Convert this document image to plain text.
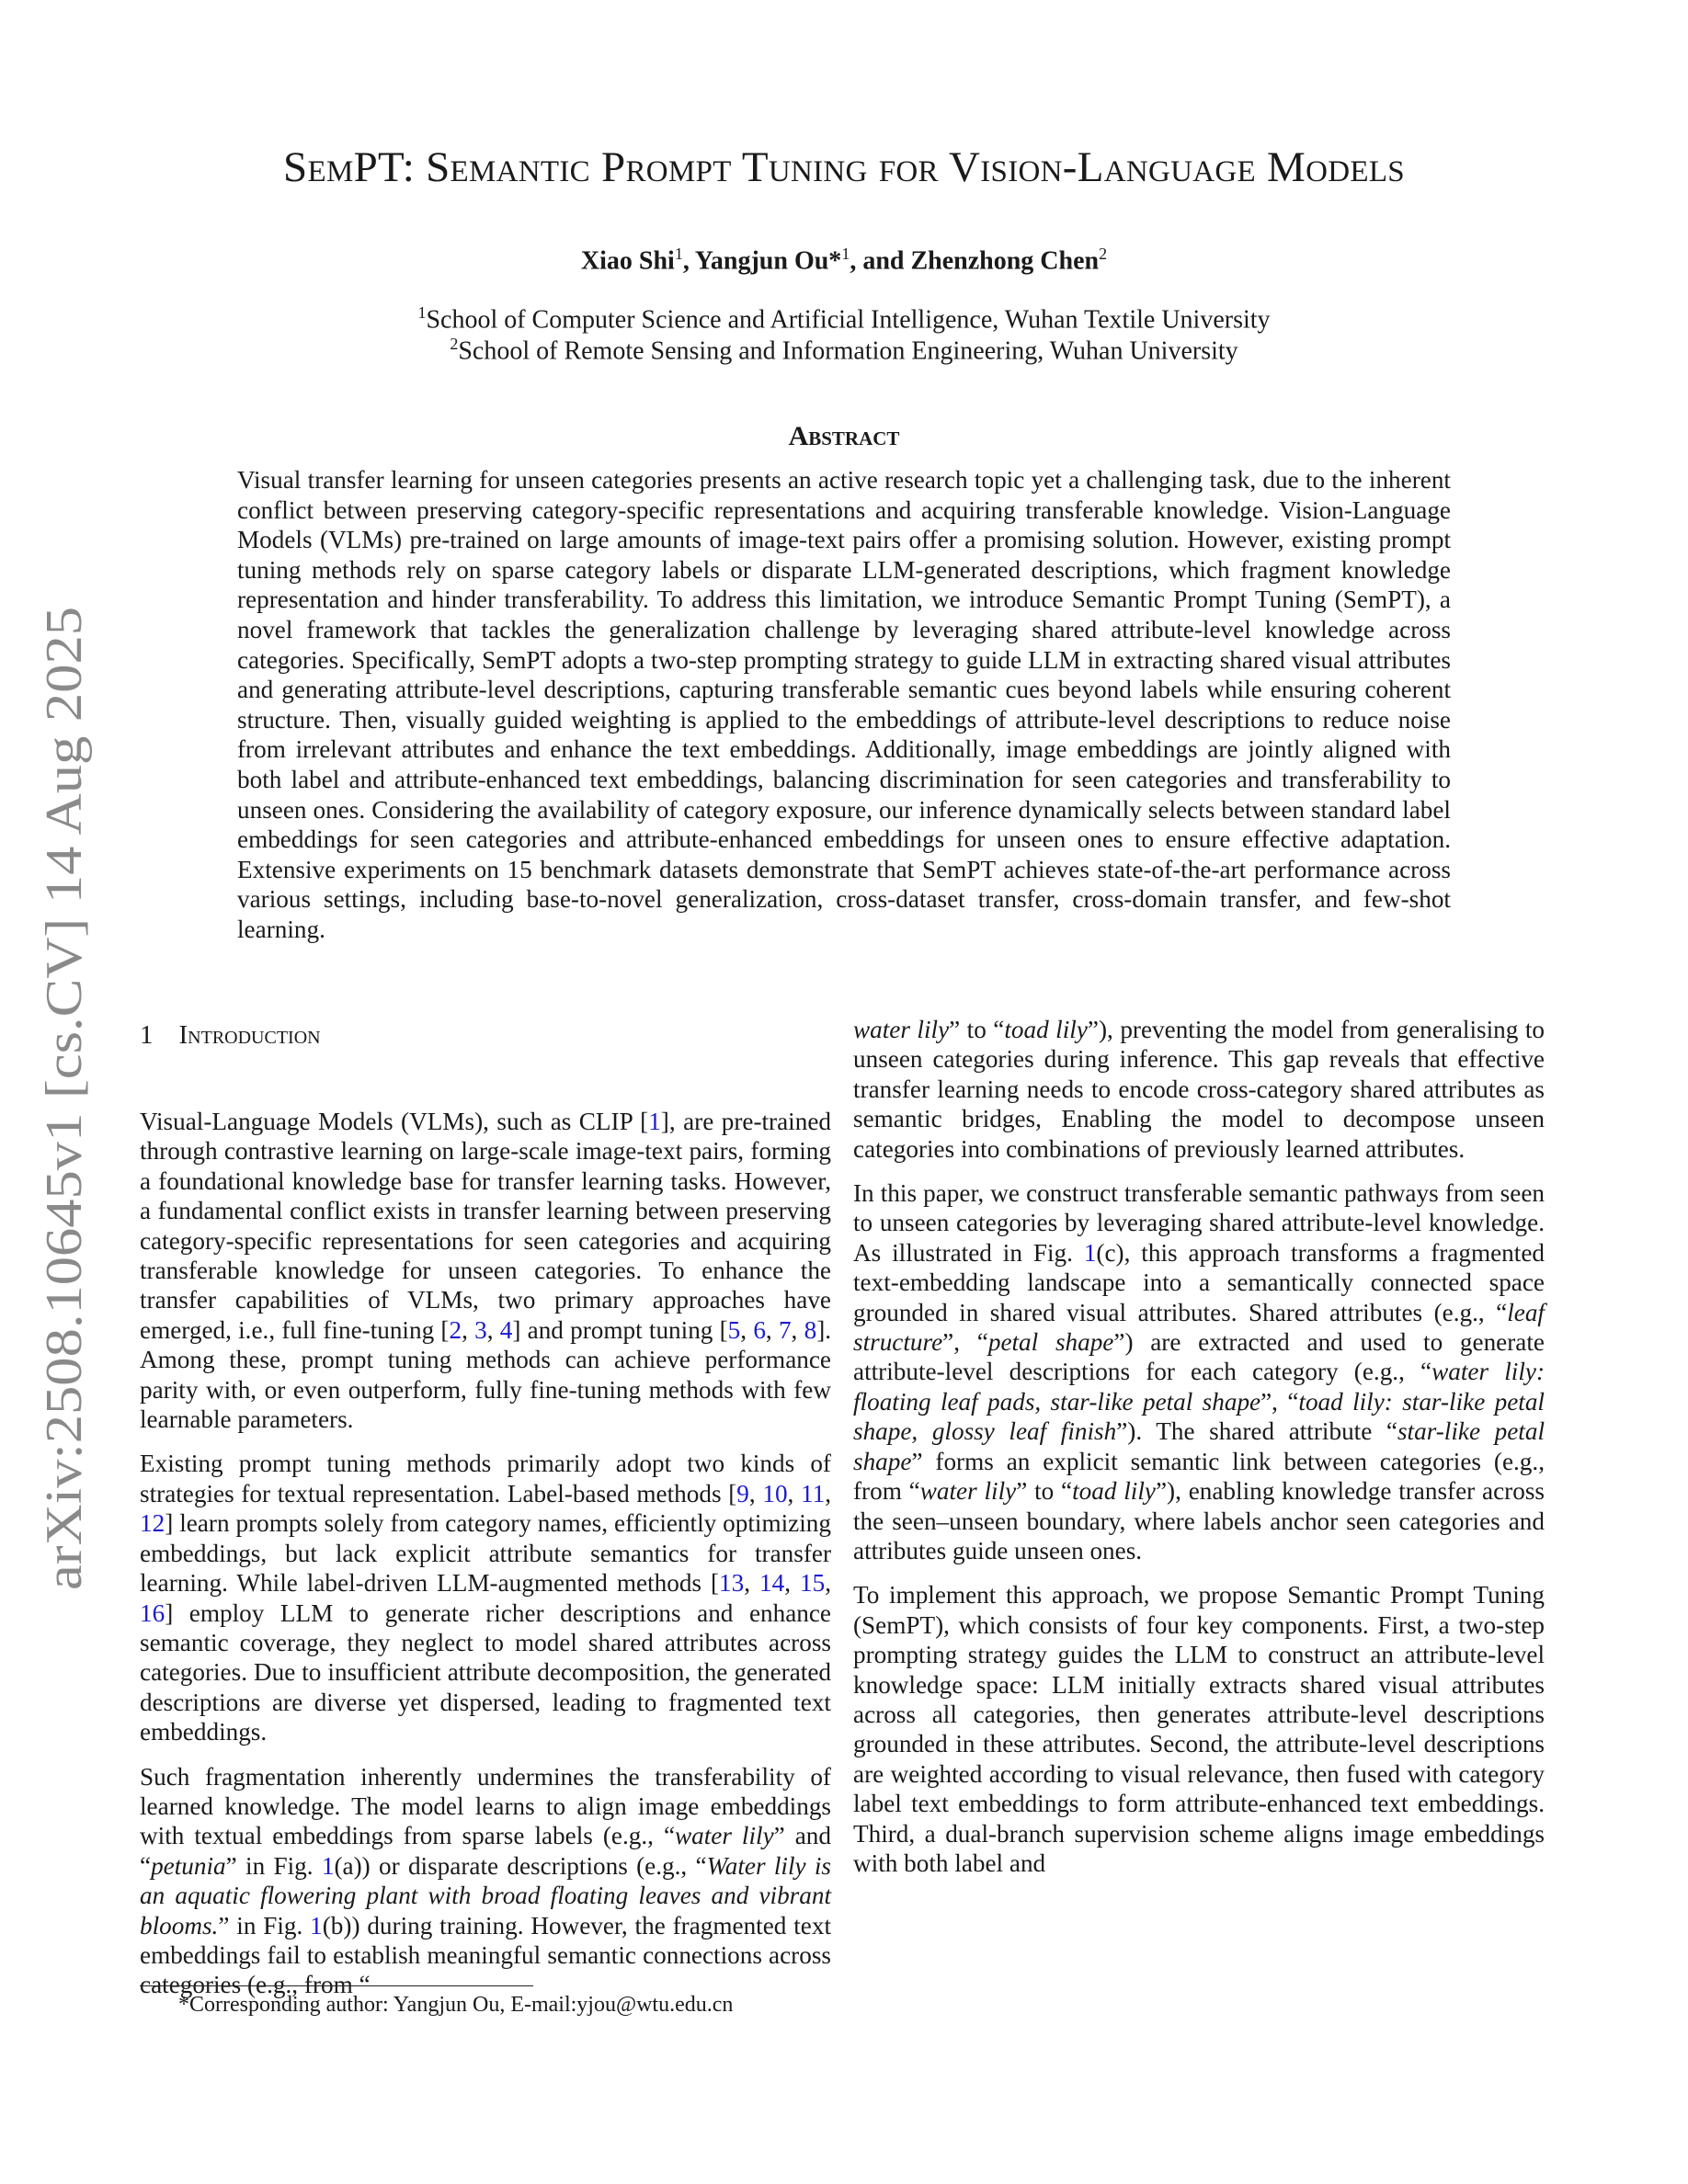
arXiv:2508.10645v1 [cs.CV] 14 Aug 2025
SemPT: Semantic Prompt Tuning for Vision-Language Models
Xiao Shi$^1$, Yangjun Ou*$^1$, and Zhenzhong Chen$^2$
$^1$School of Computer Science and Artificial Intelligence, Wuhan Textile University
$^2$School of Remote Sensing and Information Engineering, Wuhan University
Abstract
Visual transfer learning for unseen categories presents an active research topic yet a challenging task, due to the inherent conflict between preserving category-specific representations and acquiring transferable knowledge. Vision-Language Models (VLMs) pre-trained on large amounts of image-text pairs offer a promising solution. However, existing prompt tuning methods rely on sparse category labels or disparate LLM-generated descriptions, which fragment knowledge representation and hinder transferability. To address this limitation, we introduce Semantic Prompt Tuning (SemPT), a novel framework that tackles the generalization challenge by leveraging shared attribute-level knowledge across categories. Specifically, SemPT adopts a two-step prompting strategy to guide LLM in extracting shared visual attributes and generating attribute-level descriptions, capturing transferable semantic cues beyond labels while ensuring coherent structure. Then, visually guided weighting is applied to the embeddings of attribute-level descriptions to reduce noise from irrelevant attributes and enhance the text embeddings. Additionally, image embeddings are jointly aligned with both label and attribute-enhanced text embeddings, balancing discrimination for seen categories and transferability to unseen ones. Considering the availability of category exposure, our inference dynamically selects between standard label embeddings for seen categories and attribute-enhanced embeddings for unseen ones to ensure effective adaptation. Extensive experiments on 15 benchmark datasets demonstrate that SemPT achieves state-of-the-art performance across various settings, including base-to-novel generalization, cross-dataset transfer, cross-domain transfer, and few-shot learning.
1 Introduction

Visual-Language Models (VLMs), such as CLIP [1], are pre-trained through contrastive learning on large-scale image-text pairs, forming a foundational knowledge base for transfer learning tasks. However, a fundamental conflict exists in transfer learning between preserving category-specific representations for seen categories and acquiring transferable knowledge for unseen categories. To enhance the transfer capabilities of VLMs, two primary approaches have emerged, i.e., full fine-tuning [2, 3, 4] and prompt tuning [5, 6, 7, 8]. Among these, prompt tuning methods can achieve performance parity with, or even outperform, fully fine-tuning methods with few learnable parameters.

Existing prompt tuning methods primarily adopt two kinds of strategies for textual representation. Label-based methods [9, 10, 11, 12] learn prompts solely from category names, efficiently optimizing embeddings, but lack explicit attribute semantics for transfer learning. While label-driven LLM-augmented methods [13, 14, 15, 16] employ LLM to generate richer descriptions and enhance semantic coverage, they neglect to model shared attributes across categories. Due to insufficient attribute decomposition, the generated descriptions are diverse yet dispersed, leading to fragmented text embeddings.

Such fragmentation inherently undermines the transferability of learned knowledge. The model learns to align image embeddings with textual embeddings from sparse labels (e.g., “water lily” and “petunia” in Fig. 1(a)) or disparate descriptions (e.g., “Water lily is an aquatic flowering plant with broad floating leaves and vibrant blooms.” in Fig. 1(b)) during training. However, the fragmented text embeddings fail to establish meaningful semantic connections across categories (e.g., from “

water lily” to “toad lily”), preventing the model from generalising to unseen categories during inference. This gap reveals that effective transfer learning needs to encode cross-category shared attributes as semantic bridges, Enabling the model to decompose unseen categories into combinations of previously learned attributes.

In this paper, we construct transferable semantic pathways from seen to unseen categories by leveraging shared attribute-level knowledge. As illustrated in Fig. 1(c), this approach transforms a fragmented text-embedding landscape into a semantically connected space grounded in shared visual attributes. Shared attributes (e.g., “leaf structure”, “petal shape”) are extracted and used to generate attribute-level descriptions for each category (e.g., “water lily: floating leaf pads, star-like petal shape”, “toad lily: star-like petal shape, glossy leaf finish”). The shared attribute “star-like petal shape” forms an explicit semantic link between categories (e.g., from “water lily” to “toad lily”), enabling knowledge transfer across the seen–unseen boundary, where labels anchor seen categories and attributes guide unseen ones.

To implement this approach, we propose Semantic Prompt Tuning (SemPT), which consists of four key components. First, a two-step prompting strategy guides the LLM to construct an attribute-level knowledge space: LLM initially extracts shared visual attributes across all categories, then generates attribute-level descriptions grounded in these attributes. Second, the attribute-level descriptions are weighted according to visual relevance, then fused with category label text embeddings to form attribute-enhanced text embeddings. Third, a dual-branch supervision scheme aligns image embeddings with both label and

*Corresponding author: Yangjun Ou, E-mail:yjou@wtu.edu.cn
